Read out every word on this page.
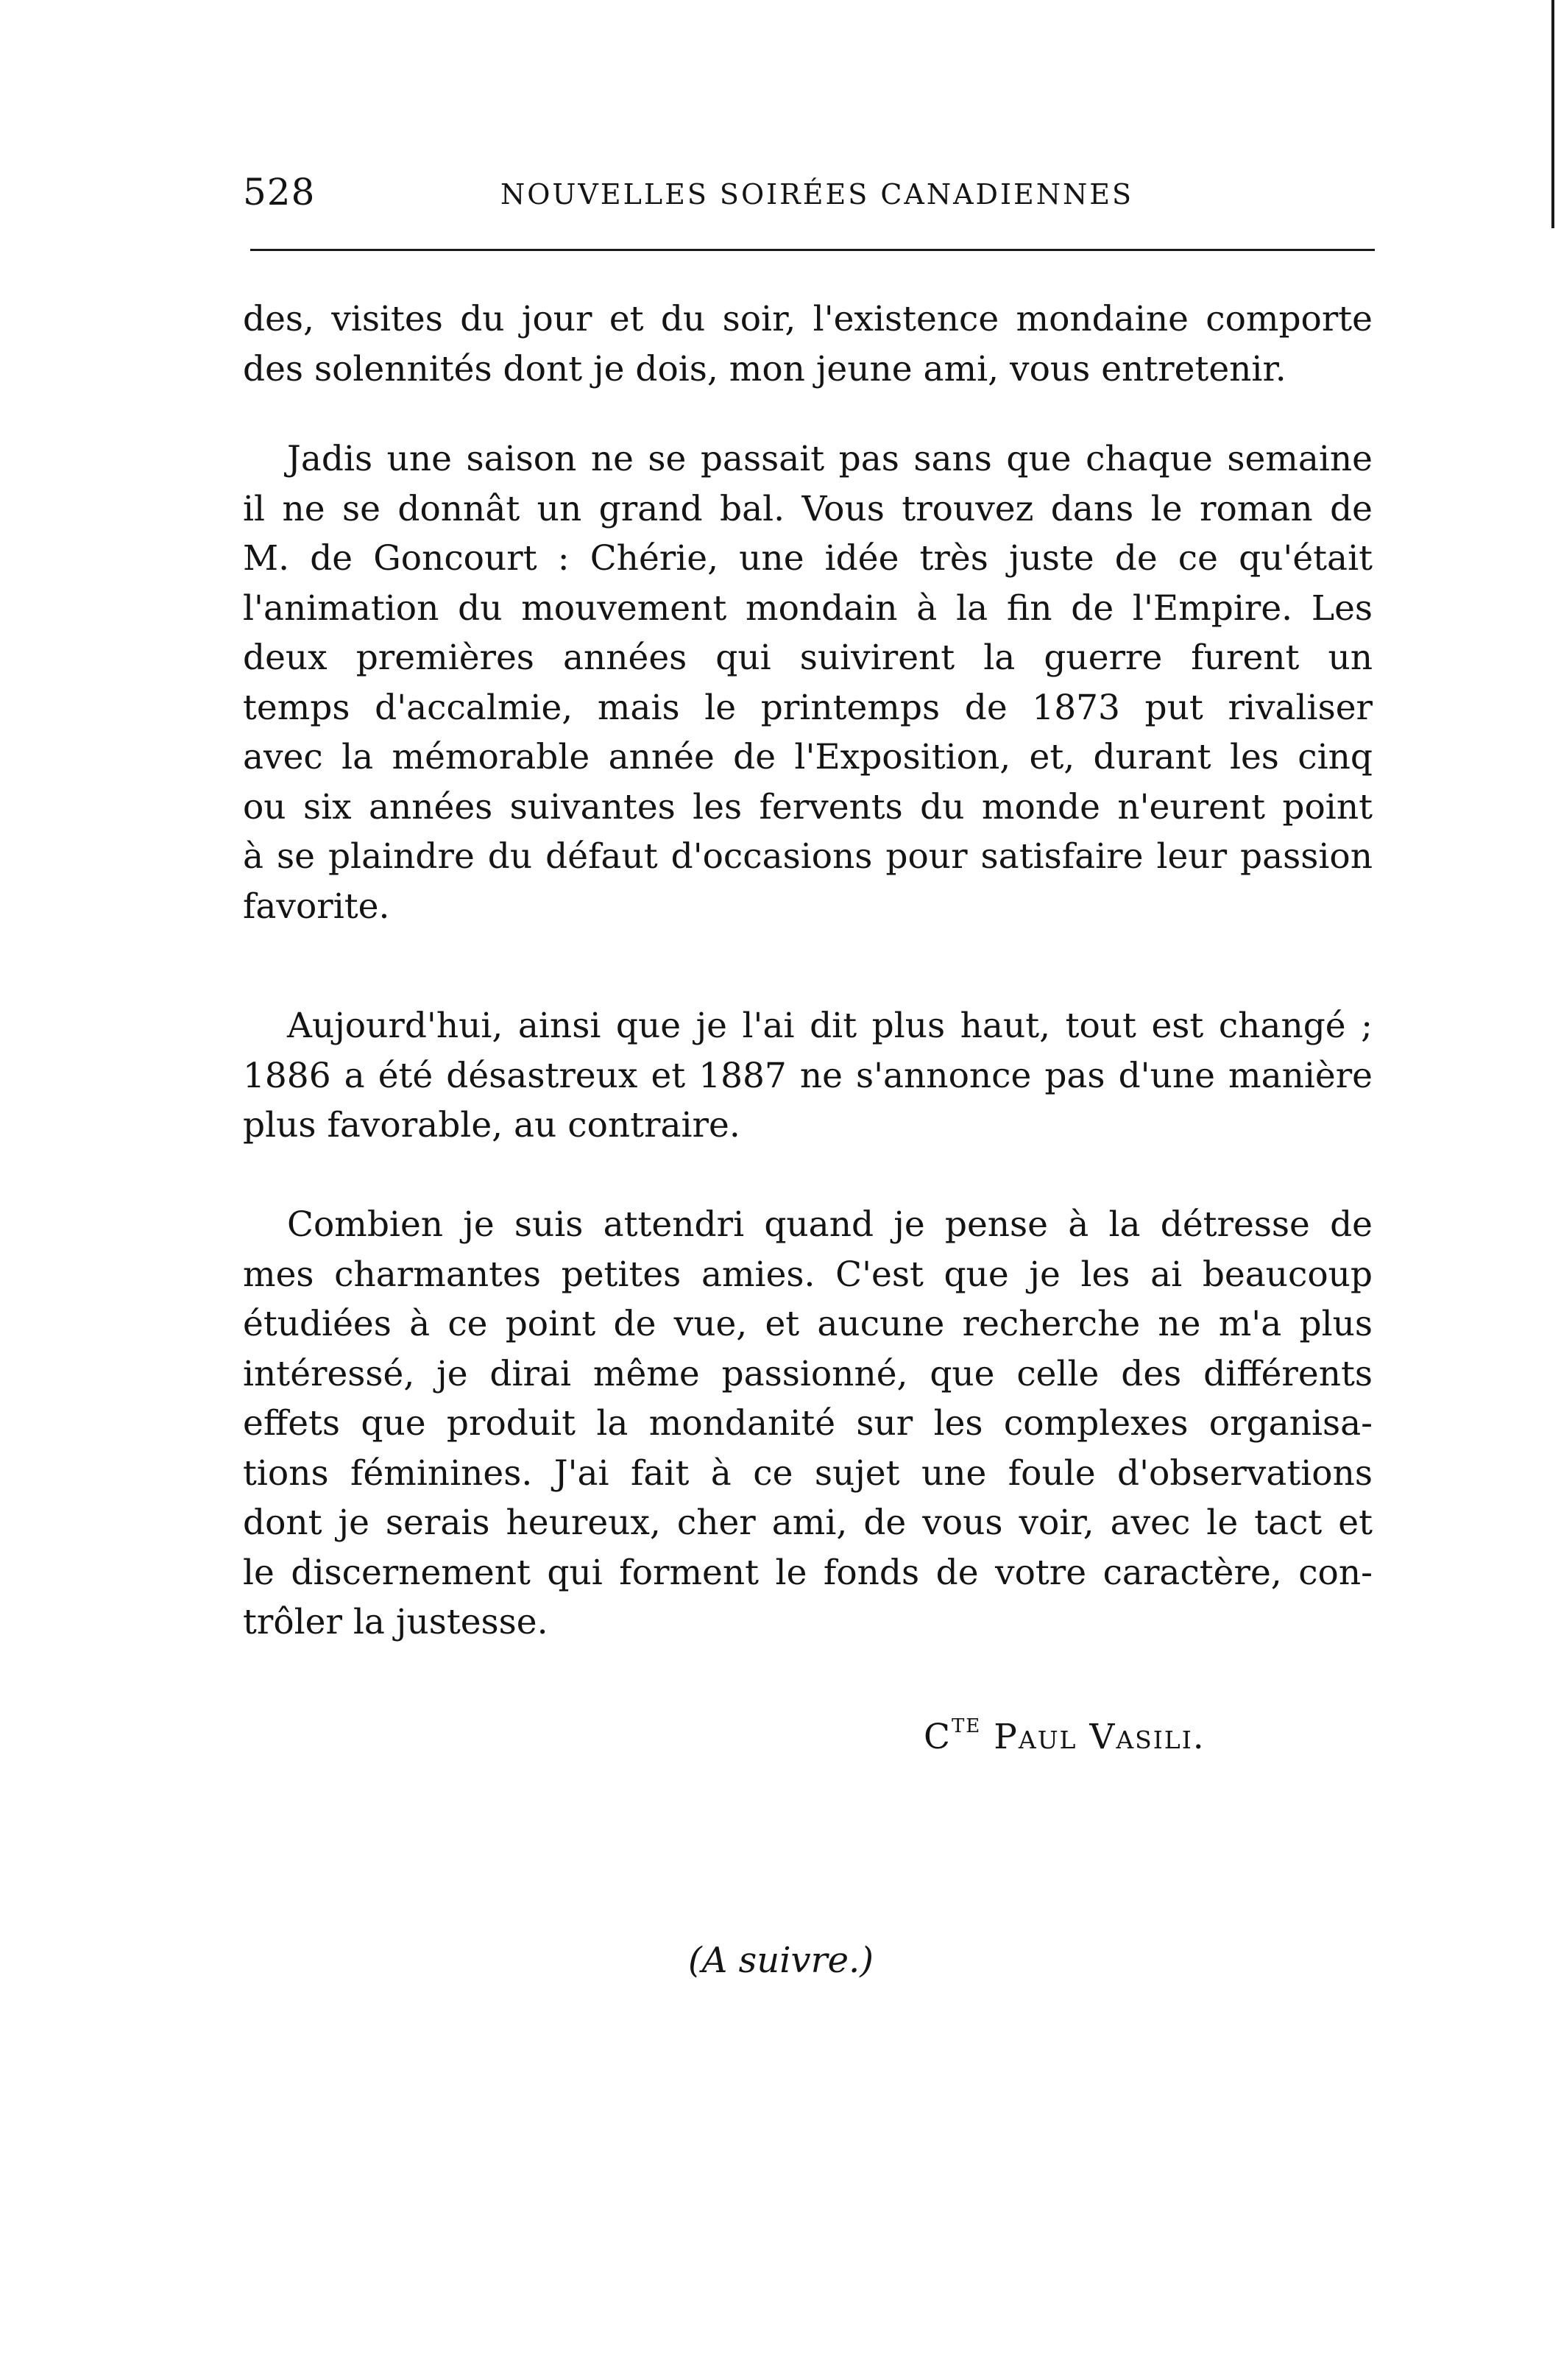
528	NOUVELLES SOIRÉES CANADIENNES
des, visites du jour et du soir, l'existence mondaine comporte
des solennités dont je dois, mon jeune ami, vous entretenir.
Jadis une saison ne se passait pas sans que chaque semaine
il ne se donnât un grand bal. Vous trouvez dans le roman de
M. de Goncourt : Chérie, une idée très juste de ce qu'était
l'animation du mouvement mondain à la fin de l'Empire. Les
deux premières années qui suivirent la guerre furent un
temps d'accalmie, mais le printemps de 1873 put rivaliser
avec la mémorable année de l'Exposition, et, durant les cinq
ou six années suivantes les fervents du monde n'eurent point
à se plaindre du défaut d'occasions pour satisfaire leur passion
favorite.
Aujourd'hui, ainsi que je l'ai dit plus haut, tout est changé ;
1886 a été désastreux et 1887 ne s'annonce pas d'une manière
plus favorable, au contraire.
Combien je suis attendri quand je pense à la détresse de
mes charmantes petites amies. C'est que je les ai beaucoup
étudiées à ce point de vue, et aucune recherche ne m'a plus
intéressé, je dirai même passionné, que celle des différents
effets que produit la mondanité sur les complexes organisa-
tions féminines. J'ai fait à ce sujet une foule d'observations
dont je serais heureux, cher ami, de vous voir, avec le tact et
le discernement qui forment le fonds de votre caractère, con-
trôler la justesse.
$C^{TE}$ Paul Vasili.
(A suivre.)
